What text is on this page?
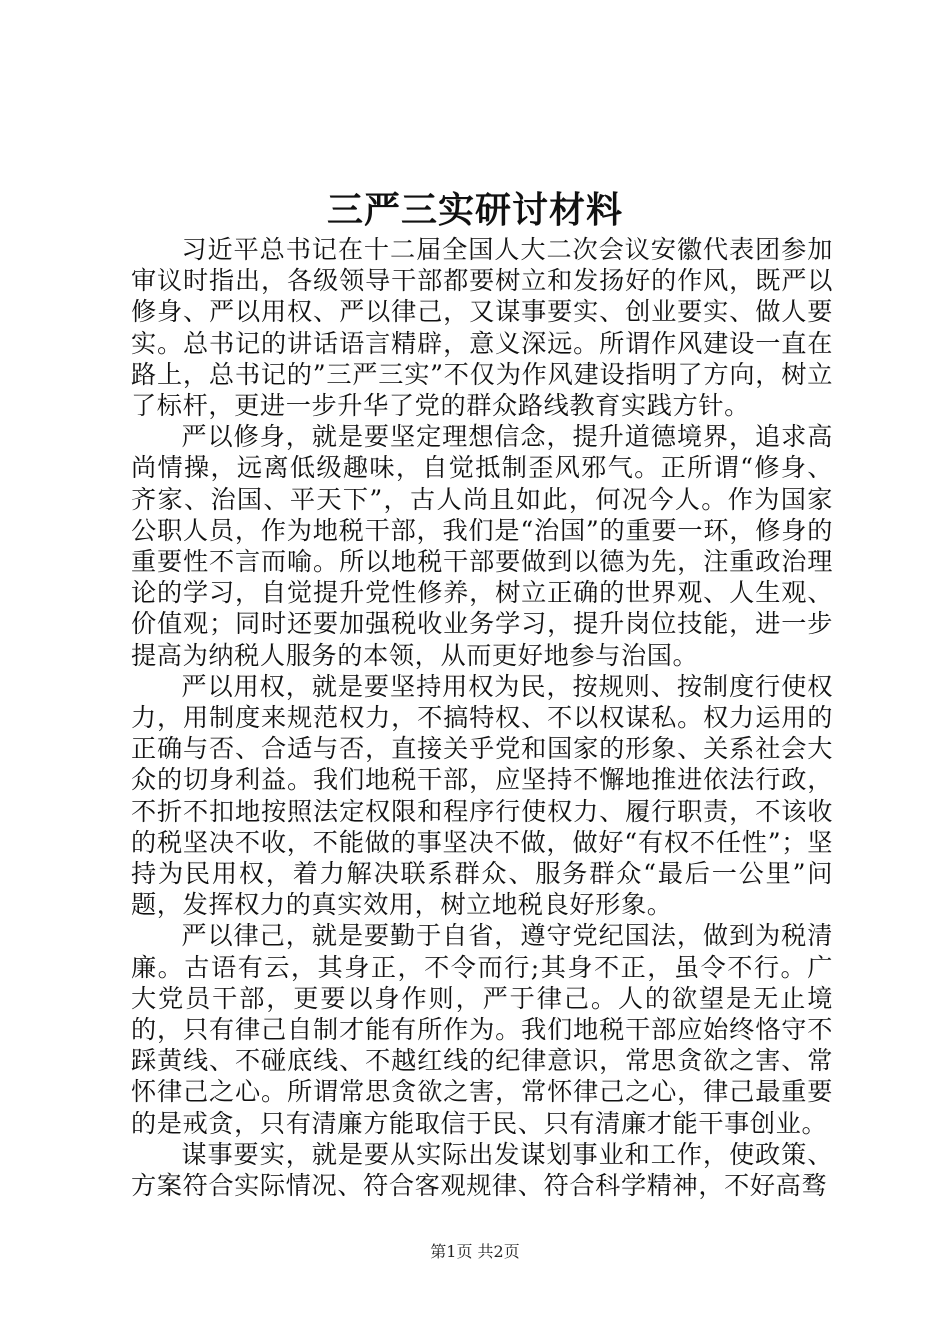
三严三实研讨材料

习近平总书记在十二届全国人大二次会议安徽代表团参加审议时指出，各级领导干部都要树立和发扬好的作风，既严以修身、严以用权、严以律己，又谋事要实、创业要实、做人要实。总书记的讲话语言精辟，意义深远。所谓作风建设一直在路上，总书记的”三严三实”不仅为作风建设指明了方向，树立了标杆，更进一步升华了党的群众路线教育实践方针。

严以修身，就是要坚定理想信念，提升道德境界，追求高尚情操，远离低级趣味，自觉抵制歪风邪气。正所谓“修身、齐家、治国、平天下”，古人尚且如此，何况今人。作为国家公职人员，作为地税干部，我们是“治国”的重要一环，修身的重要性不言而喻。所以地税干部要做到以德为先，注重政治理论的学习，自觉提升党性修养，树立正确的世界观、人生观、价值观；同时还要加强税收业务学习，提升岗位技能，进一步提高为纳税人服务的本领，从而更好地参与治国。

严以用权，就是要坚持用权为民，按规则、按制度行使权力，用制度来规范权力，不搞特权、不以权谋私。权力运用的正确与否、合适与否，直接关乎党和国家的形象、关系社会大众的切身利益。我们地税干部，应坚持不懈地推进依法行政，不折不扣地按照法定权限和程序行使权力、履行职责，不该收的税坚决不收，不能做的事坚决不做，做好“有权不任性”；坚持为民用权，着力解决联系群众、服务群众“最后一公里”问题，发挥权力的真实效用，树立地税良好形象。

严以律己，就是要勤于自省，遵守党纪国法，做到为税清廉。古语有云，其身正，不令而行;其身不正，虽令不行。广大党员干部，更要以身作则，严于律己。人的欲望是无止境的，只有律己自制才能有所作为。我们地税干部应始终恪守不踩黄线、不碰底线、不越红线的纪律意识，常思贪欲之害、常怀律己之心。所谓常思贪欲之害，常怀律己之心，律己最重要的是戒贪，只有清廉方能取信于民、只有清廉才能干事创业。

谋事要实，就是要从实际出发谋划事业和工作，使政策、方案符合实际情况、符合客观规律、符合科学精神，不好高骛

第1页 共2页
